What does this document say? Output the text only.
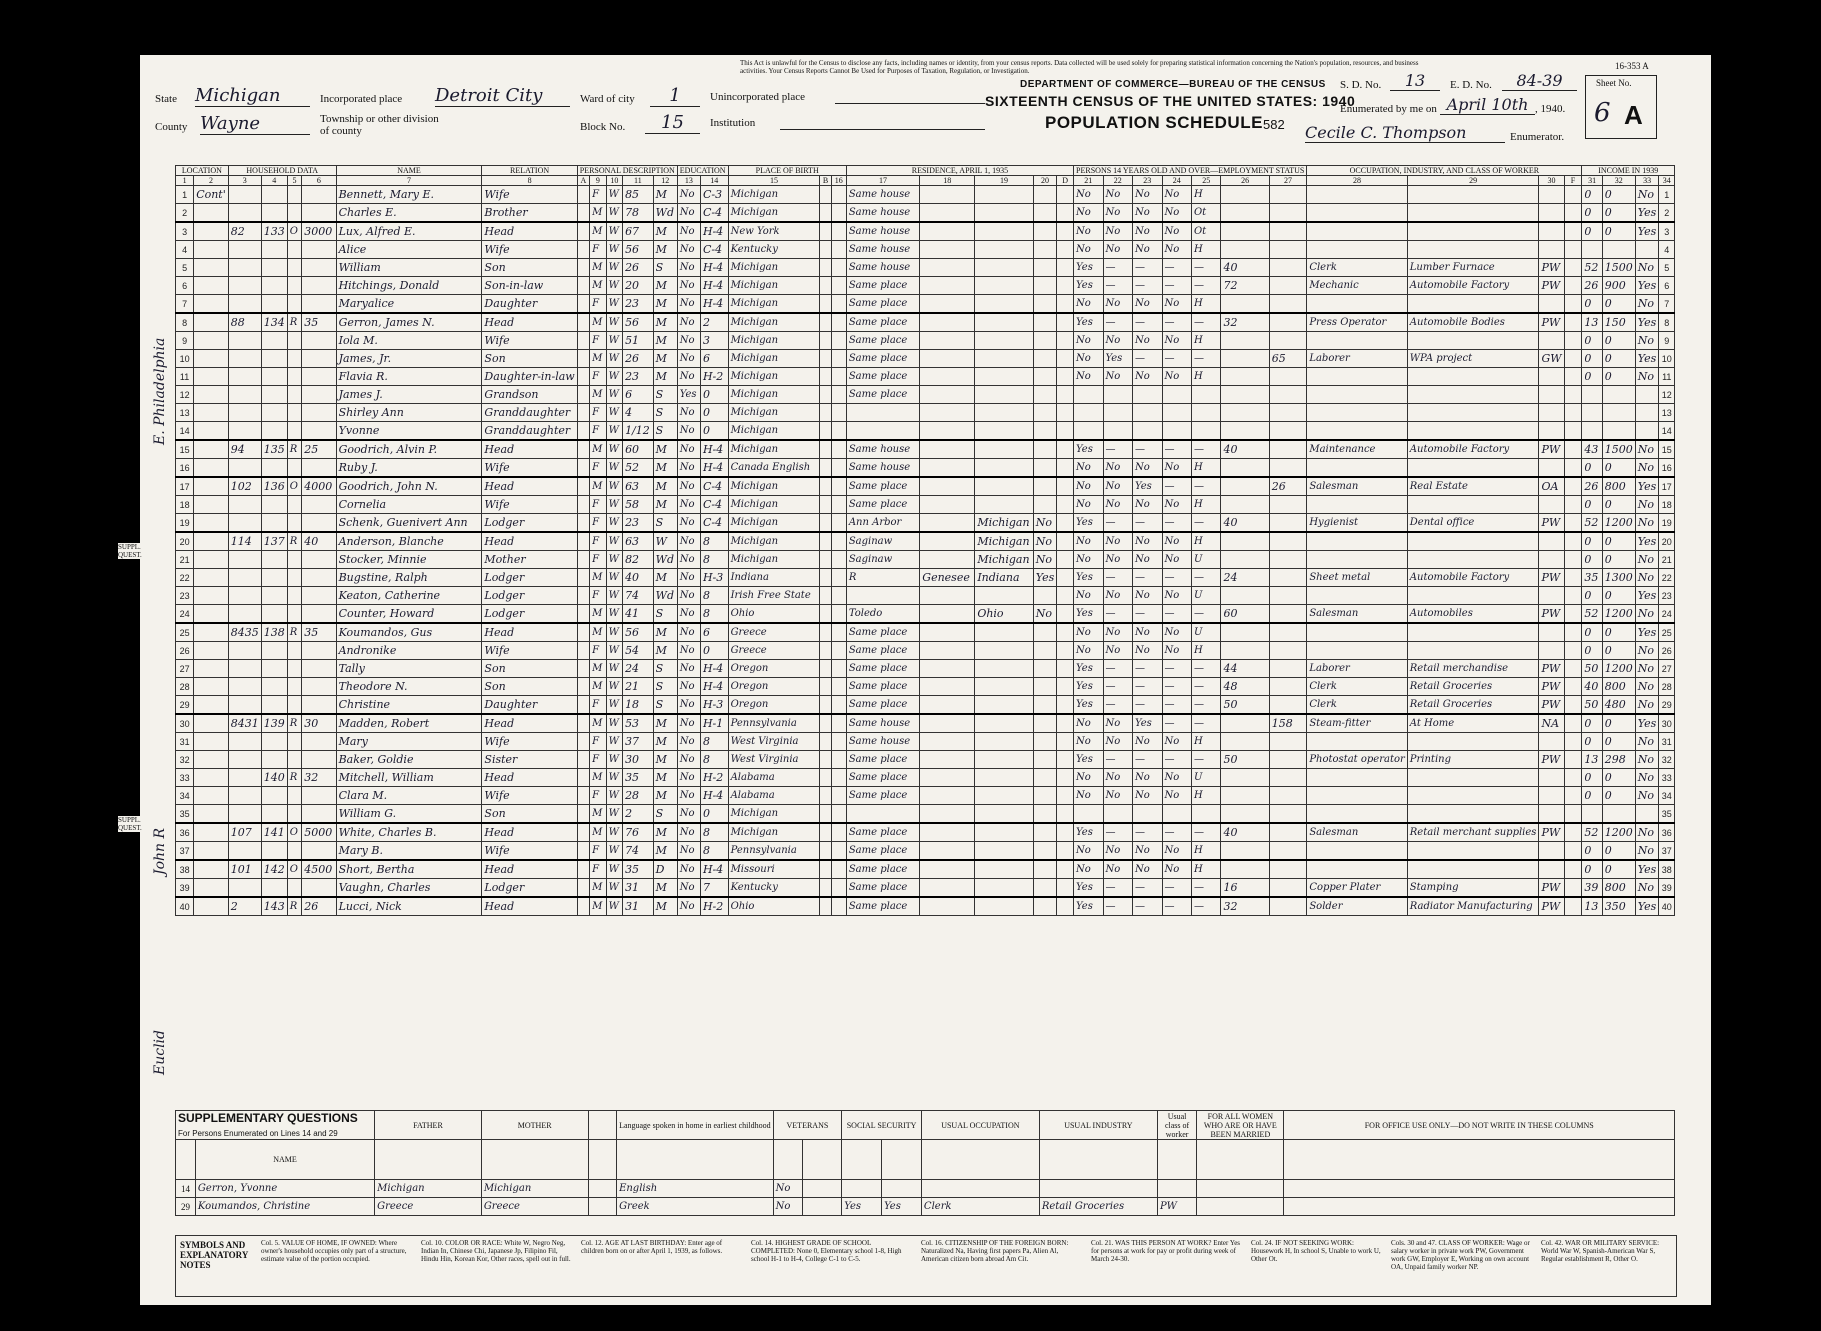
This Act is unlawful for the Census to disclose any facts, including names or identity, from your census reports. Data collected will be used solely for preparing statistical information concerning the Nation's population, resources, and business activities. Your Census Reports Cannot Be Used for Purposes of Taxation, Regulation, or Investigation.	16-353 A
State Michigan
County Wayne
Incorporated place Detroit City
Township or other division of county
Ward of city	1
Block No.	15
Unincorporated place
Institution
DEPARTMENT OF COMMERCE—BUREAU OF THE CENSUS
SIXTEENTH CENSUS OF THE UNITED STATES: 1940
POPULATION SCHEDULE 582
S. D. No.	13	E. D. No.	84-39	Sheet No.
6 A
Enumerated by me on April 10th , 1940.
Cecile C. Thompson	Enumerator.
LOCATION		HOUSEHOLD DATA				NAME	RELATION	PERSONAL DESCRIPTION					EDUCATION		PLACE OF BIRTH			RESIDENCE, APRIL 1, 1935					PERSONS 14 YEARS OLD AND OVER—EMPLOYMENT STATUS							OCCUPATION, INDUSTRY, AND CLASS OF WORKER				INCOME IN 1939			
1	2	3	4	5	6	7	8	A	9	10	11	12	13	14	15	B	16	17	18	19	20	D	21	22	23	24	25	26	27	28	29	30	F	31	32	33	34
1	Cont'					Bennett, Mary E.	Wife		F	W	85	M	No	C-3	Michigan			Same house					No	No	No	No	H							0	0	No	1
2						Charles E.	Brother		M	W	78	Wd	No	C-4	Michigan			Same house					No	No	No	No	Ot							0	0	Yes	2
3		82	133	O	3000	Lux, Alfred E.	Head		M	W	67	M	No	H-4	New York			Same house					No	No	No	No	Ot							0	0	Yes	3
4						Alice	Wife		F	W	56	M	No	C-4	Kentucky			Same house					No	No	No	No	H										4
5						William	Son		M	W	26	S	No	H-4	Michigan			Same house					Yes	—	—	—	—	40		Clerk	Lumber Furnace	PW		52	1500	No	5
6						Hitchings, Donald	Son-in-law		M	W	20	M	No	H-4	Michigan			Same place					Yes	—	—	—	—	72		Mechanic	Automobile Factory	PW		26	900	Yes	6
7						Maryalice	Daughter		F	W	23	M	No	H-4	Michigan			Same place					No	No	No	No	H							0	0	No	7
8		88	134	R	35	Gerron, James N.	Head		M	W	56	M	No	2	Michigan			Same place					Yes	—	—	—	—	32		Press Operator	Automobile Bodies	PW		13	150	Yes	8
9						Iola M.	Wife		F	W	51	M	No	3	Michigan			Same place					No	No	No	No	H							0	0	No	9
10						James, Jr.	Son		M	W	26	M	No	6	Michigan			Same place					No	Yes	—	—	—		65	Laborer	WPA project	GW		0	0	Yes	10
11						Flavia R.	Daughter-in-law		F	W	23	M	No	H-2	Michigan			Same place					No	No	No	No	H							0	0	No	11
12						James J.	Grandson		M	W	6	S	Yes	0	Michigan			Same place																			12
13						Shirley Ann	Granddaughter		F	W	4	S	No	0	Michigan																						13
14						Yvonne	Granddaughter		F	W	1/12	S	No	0	Michigan																						14
15		94	135	R	25	Goodrich, Alvin P.	Head		M	W	60	M	No	H-4	Michigan			Same house					Yes	—	—	—	—	40		Maintenance	Automobile Factory	PW		43	1500	No	15
16						Ruby J.	Wife		F	W	52	M	No	H-4	Canada English			Same house					No	No	No	No	H							0	0	No	16
17		102	136	O	4000	Goodrich, John N.	Head		M	W	63	M	No	C-4	Michigan			Same place					No	No	Yes	—	—		26	Salesman	Real Estate	OA		26	800	Yes	17
18						Cornelia	Wife		F	W	58	M	No	C-4	Michigan			Same place					No	No	No	No	H							0	0	No	18
19						Schenk, Guenivert Ann	Lodger		F	W	23	S	No	C-4	Michigan			Ann Arbor		Michigan	No		Yes	—	—	—	—	40		Hygienist	Dental office	PW		52	1200	No	19
20		114	137	R	40	Anderson, Blanche	Head		F	W	63	W	No	8	Michigan			Saginaw		Michigan	No		No	No	No	No	H							0	0	Yes	20
21						Stocker, Minnie	Mother		F	W	82	Wd	No	8	Michigan			Saginaw		Michigan	No		No	No	No	No	U							0	0	No	21
22						Bugstine, Ralph	Lodger		M	W	40	M	No	H-3	Indiana			R	Genesee	Indiana	Yes		Yes	—	—	—	—	24		Sheet metal	Automobile Factory	PW		35	1300	No	22
23						Keaton, Catherine	Lodger		F	W	74	Wd	No	8	Irish Free State								No	No	No	No	U							0	0	Yes	23
24						Counter, Howard	Lodger		M	W	41	S	No	8	Ohio			Toledo		Ohio	No		Yes	—	—	—	—	60		Salesman	Automobiles	PW		52	1200	No	24
25		8435	138	R	35	Koumandos, Gus	Head		M	W	56	M	No	6	Greece			Same place					No	No	No	No	U							0	0	Yes	25
26						Andronike	Wife		F	W	54	M	No	0	Greece			Same place					No	No	No	No	H							0	0	No	26
27						Tally	Son		M	W	24	S	No	H-4	Oregon			Same place					Yes	—	—	—	—	44		Laborer	Retail merchandise	PW		50	1200	No	27
28						Theodore N.	Son		M	W	21	S	No	H-4	Oregon			Same place					Yes	—	—	—	—	48		Clerk	Retail Groceries	PW		40	800	No	28
29						Christine	Daughter		F	W	18	S	No	H-3	Oregon			Same place					Yes	—	—	—	—	50		Clerk	Retail Groceries	PW		50	480	No	29
30		8431	139	R	30	Madden, Robert	Head		M	W	53	M	No	H-1	Pennsylvania			Same house					No	No	Yes	—	—		158	Steam-fitter	At Home	NA		0	0	Yes	30
31						Mary	Wife		F	W	37	M	No	8	West Virginia			Same house					No	No	No	No	H							0	0	No	31
32						Baker, Goldie	Sister		F	W	30	M	No	8	West Virginia			Same place					Yes	—	—	—	—	50		Photostat operator	Printing	PW		13	298	No	32
33			140	R	32	Mitchell, William	Head		M	W	35	M	No	H-2	Alabama			Same place					No	No	No	No	U							0	0	No	33
34						Clara M.	Wife		F	W	28	M	No	H-4	Alabama			Same place					No	No	No	No	H							0	0	No	34
35						William G.	Son		M	W	2	S	No	0	Michigan																						35
36		107	141	O	5000	White, Charles B.	Head		M	W	76	M	No	8	Michigan			Same place					Yes	—	—	—	—	40		Salesman	Retail merchant supplies	PW		52	1200	No	36
37						Mary B.	Wife		F	W	74	M	No	8	Pennsylvania			Same place					No	No	No	No	H							0	0	No	37
38		101	142	O	4500	Short, Bertha	Head		F	W	35	D	No	H-4	Missouri			Same place					No	No	No	No	H							0	0	Yes	38
39						Vaughn, Charles	Lodger		M	W	31	M	No	7	Kentucky			Same place					Yes	—	—	—	—	16		Copper Plater	Stamping	PW		39	800	No	39
40		2	143	R	26	Lucci, Nick	Head		M	W	31	M	No	H-2	Ohio			Same place					Yes	—	—	—	—	32		Solder	Radiator Manufacturing	PW		13	350	Yes	40
E. Philadelphia
John R
Euclid
SUPPL. QUEST.
SUPPL. QUEST.
SUPPLEMENTARY QUESTIONS
For Persons Enumerated on Lines 14 and 29		FATHER	MOTHER		Language spoken in home in earliest childhood	VETERANS		SOCIAL SECURITY		USUAL OCCUPATION	USUAL INDUSTRY	Usual class of worker	FOR ALL WOMEN WHO ARE OR HAVE BEEN MARRIED	FOR OFFICE USE ONLY—DO NOT WRITE IN THESE COLUMNS
	NAME													
14	Gerron, Yvonne	Michigan	Michigan		English	No								
29	Koumandos, Christine	Greece	Greece		Greek	No		Yes	Yes	Clerk	Retail Groceries	PW		
SYMBOLS AND EXPLANATORY NOTES
Col. 5. VALUE OF HOME, IF OWNED: Where owner's household occupies only part of a structure, estimate value of the portion occupied.
Col. 10. COLOR OR RACE: White W, Negro Neg, Indian In, Chinese Chi, Japanese Jp, Filipino Fil, Hindu Hin, Korean Kor, Other races, spell out in full.
Col. 12. AGE AT LAST BIRTHDAY: Enter age of children born on or after April 1, 1939, as follows.
Col. 14. HIGHEST GRADE OF SCHOOL COMPLETED: None 0, Elementary school 1-8, High school H-1 to H-4, College C-1 to C-5.
Col. 16. CITIZENSHIP OF THE FOREIGN BORN: Naturalized Na, Having first papers Pa, Alien Al, American citizen born abroad Am Cit.
Col. 21. WAS THIS PERSON AT WORK? Enter Yes for persons at work for pay or profit during week of March 24-30.
Col. 24. IF NOT SEEKING WORK: Housework H, In school S, Unable to work U, Other Ot.
Cols. 30 and 47. CLASS OF WORKER: Wage or salary worker in private work PW, Government work GW, Employer E, Working on own account OA, Unpaid family worker NP.
Col. 42. WAR OR MILITARY SERVICE: World War W, Spanish-American War S, Regular establishment R, Other O.
